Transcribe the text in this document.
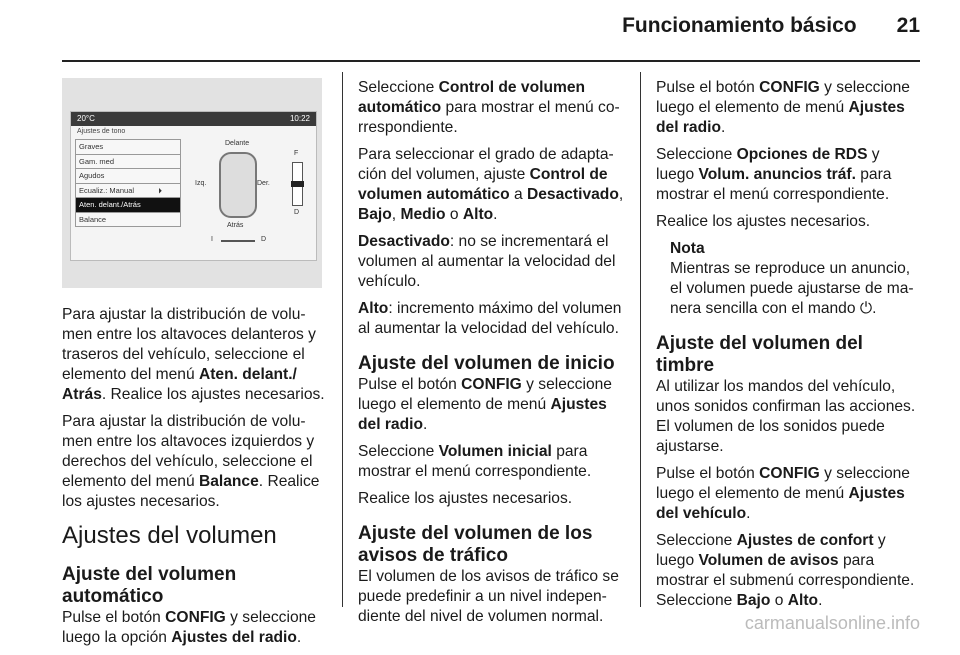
Funcionamiento básico 21
20°C	10:22
Ajustes de tono
Graves
Gam. med
Agudos
Ecualiz.: Manual	⏵
Aten. delant./Atrás
Balance
Delante
Izq.	Der.
Atrás
F
D
I	D

Para ajustar la distribución de volumen entre los altavoces delanteros y traseros del vehículo, seleccione el elemento del menú Aten. delant./ Atrás. Realice los ajustes necesarios.

Para ajustar la distribución de volumen entre los altavoces izquierdos y derechos del vehículo, seleccione el elemento del menú Balance. Realice los ajustes necesarios.

Ajustes del volumen
Ajuste del volumen automático

Pulse el botón CONFIG y seleccione luego la opción Ajustes del radio.

Seleccione Control de volumen automático para mostrar el menú correspondiente.

Para seleccionar el grado de adaptación del volumen, ajuste Control de volumen automático a Desactivado, Bajo, Medio o Alto.

Desactivado: no se incrementará el volumen al aumentar la velocidad del vehículo.

Alto: incremento máximo del volumen al aumentar la velocidad del vehículo.

Ajuste del volumen de inicio

Pulse el botón CONFIG y seleccione luego el elemento de menú Ajustes del radio.

Seleccione Volumen inicial para mostrar el menú correspondiente.

Realice los ajustes necesarios.

Ajuste del volumen de los avisos de tráfico

El volumen de los avisos de tráfico se puede predefinir a un nivel independiente del nivel de volumen normal.

Pulse el botón CONFIG y seleccione luego el elemento de menú Ajustes del radio.

Seleccione Opciones de RDS y luego Volum. anuncios tráf. para mostrar el menú correspondiente.

Realice los ajustes necesarios.

Nota
Mientras se reproduce un anuncio, el volumen puede ajustarse de manera sencilla con el mando ⏻.
Ajuste del volumen del timbre

Al utilizar los mandos del vehículo, unos sonidos confirman las acciones. El volumen de los sonidos puede ajustarse.

Pulse el botón CONFIG y seleccione luego el elemento de menú Ajustes del vehículo.

Seleccione Ajustes de confort y luego Volumen de avisos para mostrar el submenú correspondiente. Seleccione Bajo o Alto.

carmanualsonline.info
